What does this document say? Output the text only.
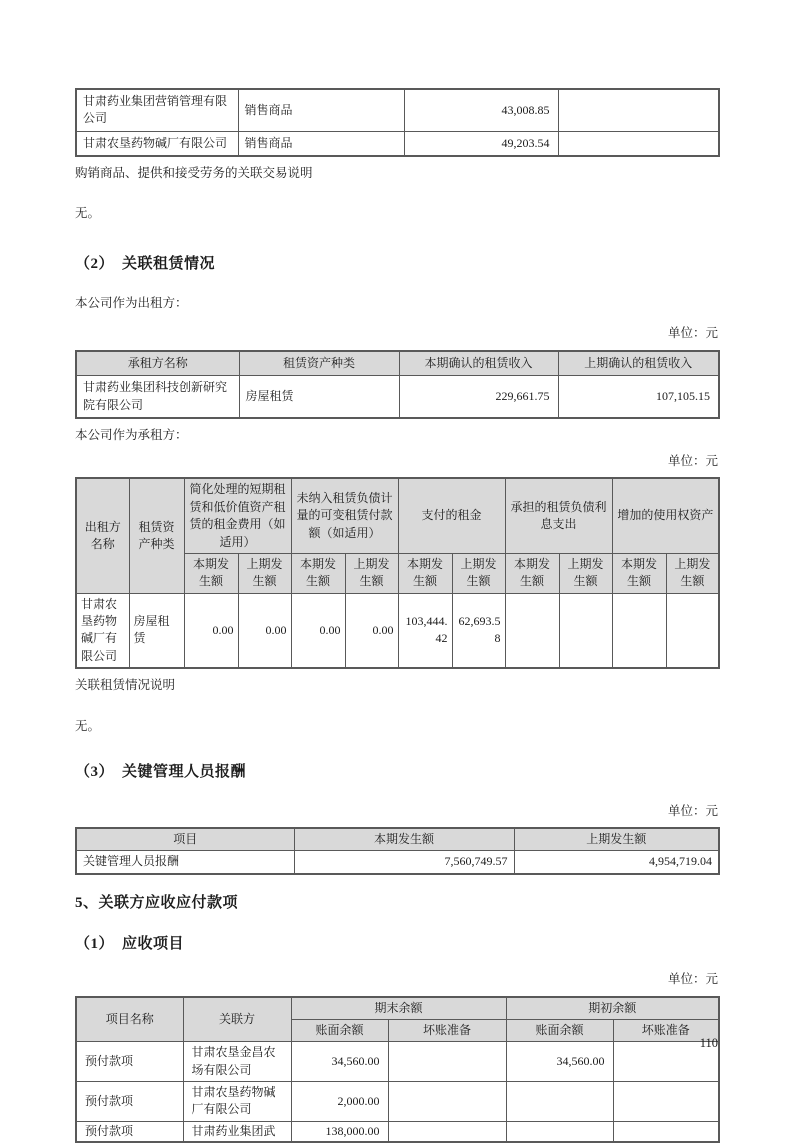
甘肃药业集团营销管理有限公司	销售商品	43,008.85	
甘肃农垦药物碱厂有限公司	销售商品	49,203.54	

购销商品、提供和接受劳务的关联交易说明

无。

（2）　关联租赁情况

本公司作为出租方：

单位：元

承租方名称	租赁资产种类	本期确认的租赁收入	上期确认的租赁收入
甘肃药业集团科技创新研究院有限公司	房屋租赁	229,661.75	107,105.15

本公司作为承租方：

单位：元

出租方名称	租赁资产种类	简化处理的短期租赁和低价值资产租赁的租金费用（如适用）		未纳入租赁负债计量的可变租赁付款额（如适用）		支付的租金		承担的租赁负债利息支出		增加的使用权资产	
		本期发生额	上期发生额	本期发生额	上期发生额	本期发生额	上期发生额	本期发生额	上期发生额	本期发生额	上期发生额
甘肃农垦药物碱厂有限公司	房屋租赁	0.00	0.00	0.00	0.00	103,444.42	62,693.58				

关联租赁情况说明

无。

（3）　关键管理人员报酬

单位：元

项目	本期发生额	上期发生额
关键管理人员报酬	7,560,749.57	4,954,719.04

5、关联方应收应付款项

（1）　应收项目

单位：元

项目名称	关联方	期末余额		期初余额	
		账面余额	坏账准备	账面余额	坏账准备
预付款项	甘肃农垦金昌农场有限公司	34,560.00		34,560.00	
预付款项	甘肃农垦药物碱厂有限公司	2,000.00			
预付款项	甘肃药业集团武	138,000.00			
110
